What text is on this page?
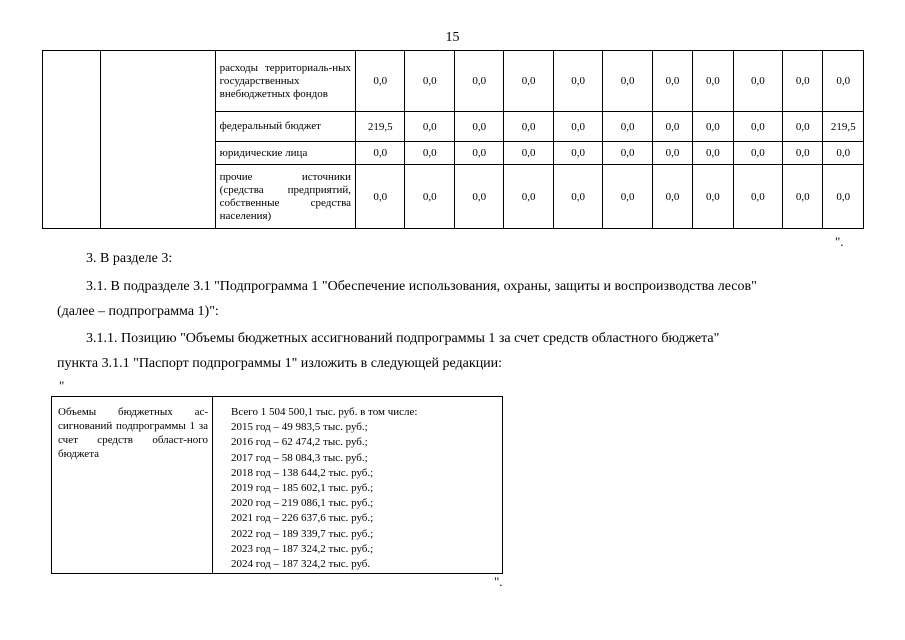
15
		расходы территориаль-ных государственных внебюджетных фондов	0,0	0,0	0,0	0,0	0,0	0,0	0,0	0,0	0,0	0,0	0,0
		федеральный бюджет	219,5	0,0	0,0	0,0	0,0	0,0	0,0	0,0	0,0	0,0	219,5
		юридические лица	0,0	0,0	0,0	0,0	0,0	0,0	0,0	0,0	0,0	0,0	0,0
		прочие источники (средства предприятий, собственные средства населения)	0,0	0,0	0,0	0,0	0,0	0,0	0,0	0,0	0,0	0,0	0,0
".
3. В разделе 3:
3.1. В подразделе 3.1 "Подпрограмма 1 "Обеспечение использования, охраны, защиты и воспроизводства лесов"
(далее – подпрограмма 1)":
3.1.1. Позицию "Объемы бюджетных ассигнований подпрограммы 1 за счет средств областного бюджета"
пункта 3.1.1 "Паспорт подпрограммы 1" изложить в следующей редакции:
"
Объемы бюджетных ас-сигнований подпрограммы 1 за счет средств област-ного бюджета	
Всего 1 504 500,1 тыс. руб. в том числе:
2015 год – 49 983,5 тыс. руб.;
2016 год – 62 474,2 тыс. руб.;
2017 год – 58 084,3 тыс. руб.;
2018 год – 138 644,2 тыс. руб.;
2019 год – 185 602,1 тыс. руб.;
2020 год – 219 086,1 тыс. руб.;
2021 год – 226 637,6 тыс. руб.;
2022 год – 189 339,7 тыс. руб.;
2023 год – 187 324,2 тыс. руб.;
2024 год – 187 324,2 тыс. руб.
".
